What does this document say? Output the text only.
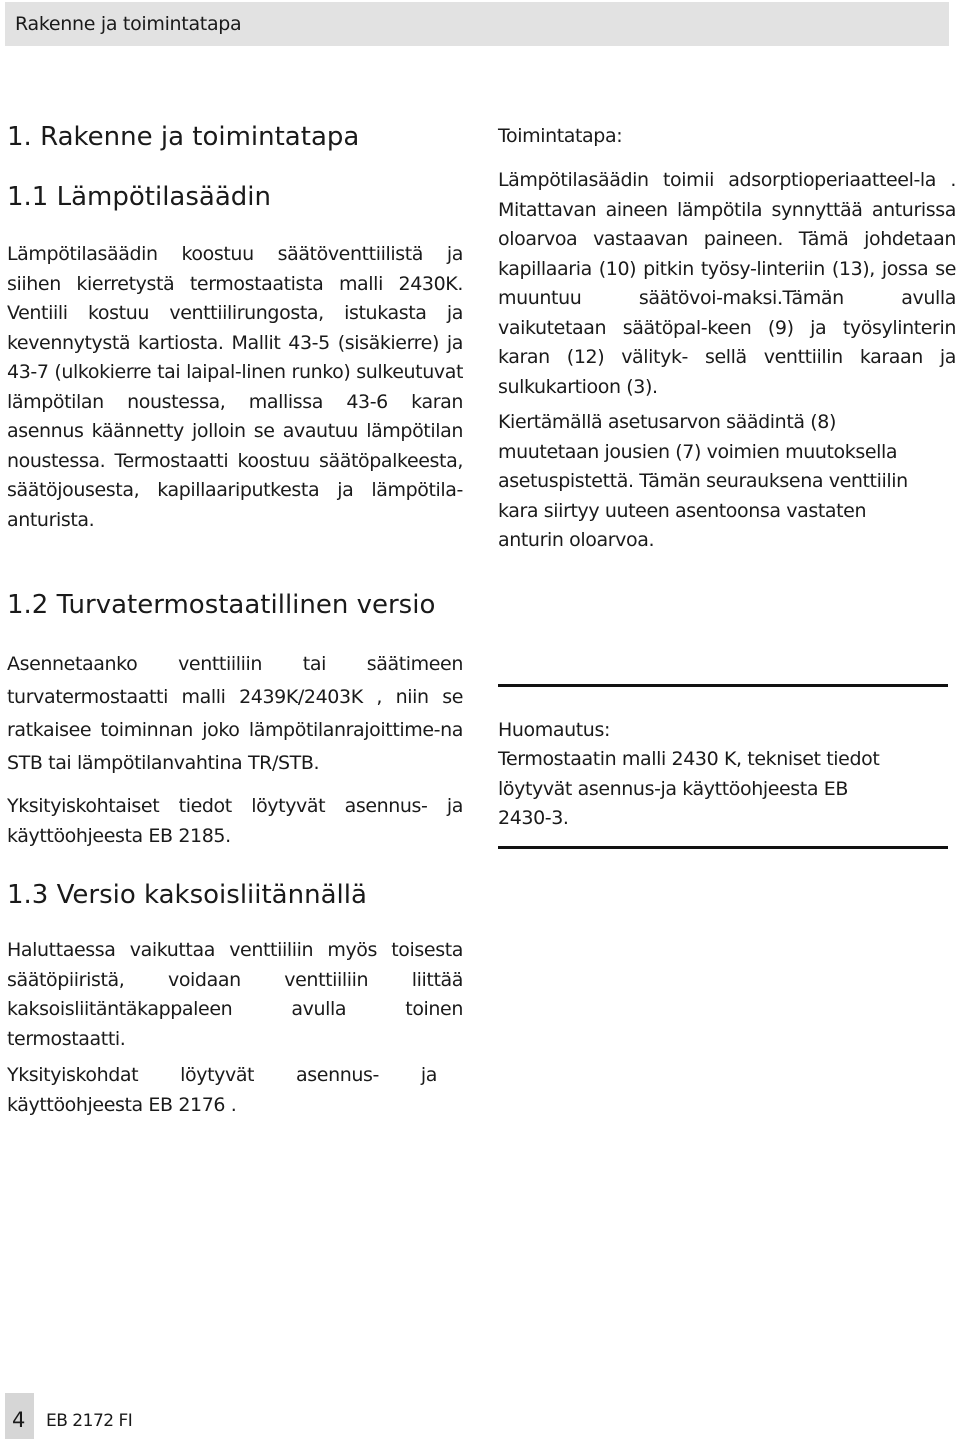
Rakenne ja toimintatapa
1. Rakenne ja toimintatapa
1.1 Lämpötilasäädin

Lämpötilasäädin koostuu säätöventtiilistä ja siihen kierretystä termostaatista malli 2430K. Ventiili kostuu venttiilirungosta, istukasta ja kevennytystä kartiosta. Mallit 43-5 (sisäkierre) ja 43-7 (ulkokierre tai laipal-linen runko) sulkeutuvat lämpötilan noustessa, mallissa 43-6 karan asennus käännetty jolloin se avautuu lämpötilan noustessa. Termostaatti koostuu säätöpalkeesta, säätöjousesta, kapillaariputkesta ja lämpötila-anturista.

1.2 Turvatermostaatillinen versio

Asennetaanko venttiiliin tai säätimeen turvatermostaatti malli 2439K/2403K , niin se ratkaisee toiminnan joko lämpötilanrajoittime-na STB tai lämpötilanvahtina TR/STB.

Yksityiskohtaiset tiedot löytyvät asennus- ja käyttöohjeesta EB 2185.

1.3 Versio kaksoisliitännällä

Haluttaessa vaikuttaa venttiiliin myös toisesta säätöpiiristä, voidaan venttiiliin liittää kaksoisliitäntäkappaleen avulla toinen termostaatti.

Yksityiskohdat löytyvät asennus- ja käyttöohjeesta EB 2176 .

Toimintatapa:

Lämpötilasäädin toimii adsorptioperiaatteel-la . Mitattavan aineen lämpötila synnyttää anturissa oloarvoa vastaavan paineen. Tämä johdetaan kapillaaria (10) pitkin työsy-linteriin (13), jossa se muuntuu säätövoi-maksi.Tämän avulla vaikutetaan säätöpal-keen (9) ja työsylinterin karan (12) välityk- sellä venttiilin karaan ja sulkukartioon (3).

Kiertämällä asetusarvon säädintä (8) muutetaan jousien (7) voimien muutoksella asetuspistettä. Tämän seurauksena venttiilin kara siirtyy uuteen asentoonsa vastaten anturin oloarvoa.

Huomautus:

Termostaatin malli 2430 K, tekniset tiedot löytyvät asennus-ja käyttöohjeesta EB 2430-3.

4 EB 2172 FI
